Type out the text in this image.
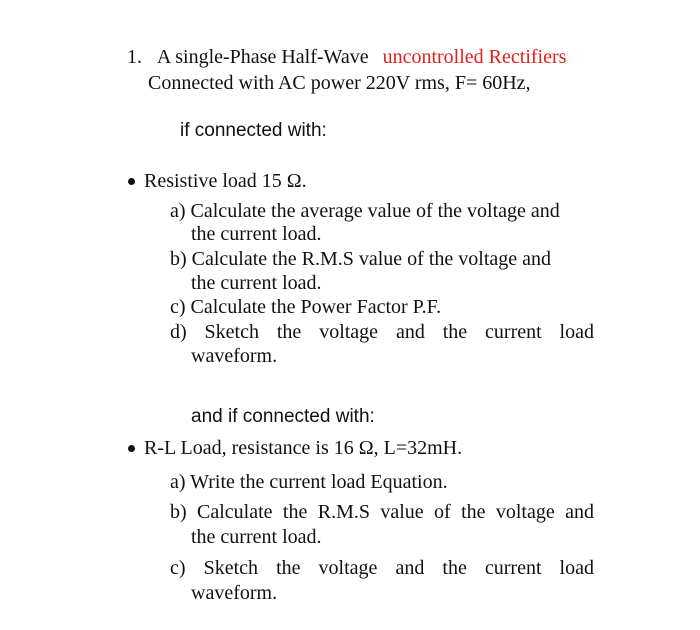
1. A single-Phase Half-Wave uncontrolled Rectifiers
Connected with AC power 220V rms, F= 60Hz,
if connected with:
Resistive load 15 Ω.
a) Calculate the average value of the voltage and
the current load.
b) Calculate the R.M.S value of the voltage and
the current load.
c) Calculate the Power Factor P.F.
d) Sketch the voltage and the current load
waveform.
and if connected with:
R-L Load, resistance is 16 Ω, L=32mH.
a) Write the current load Equation.
b) Calculate the R.M.S value of the voltage and
the current load.
c) Sketch the voltage and the current load
waveform.
